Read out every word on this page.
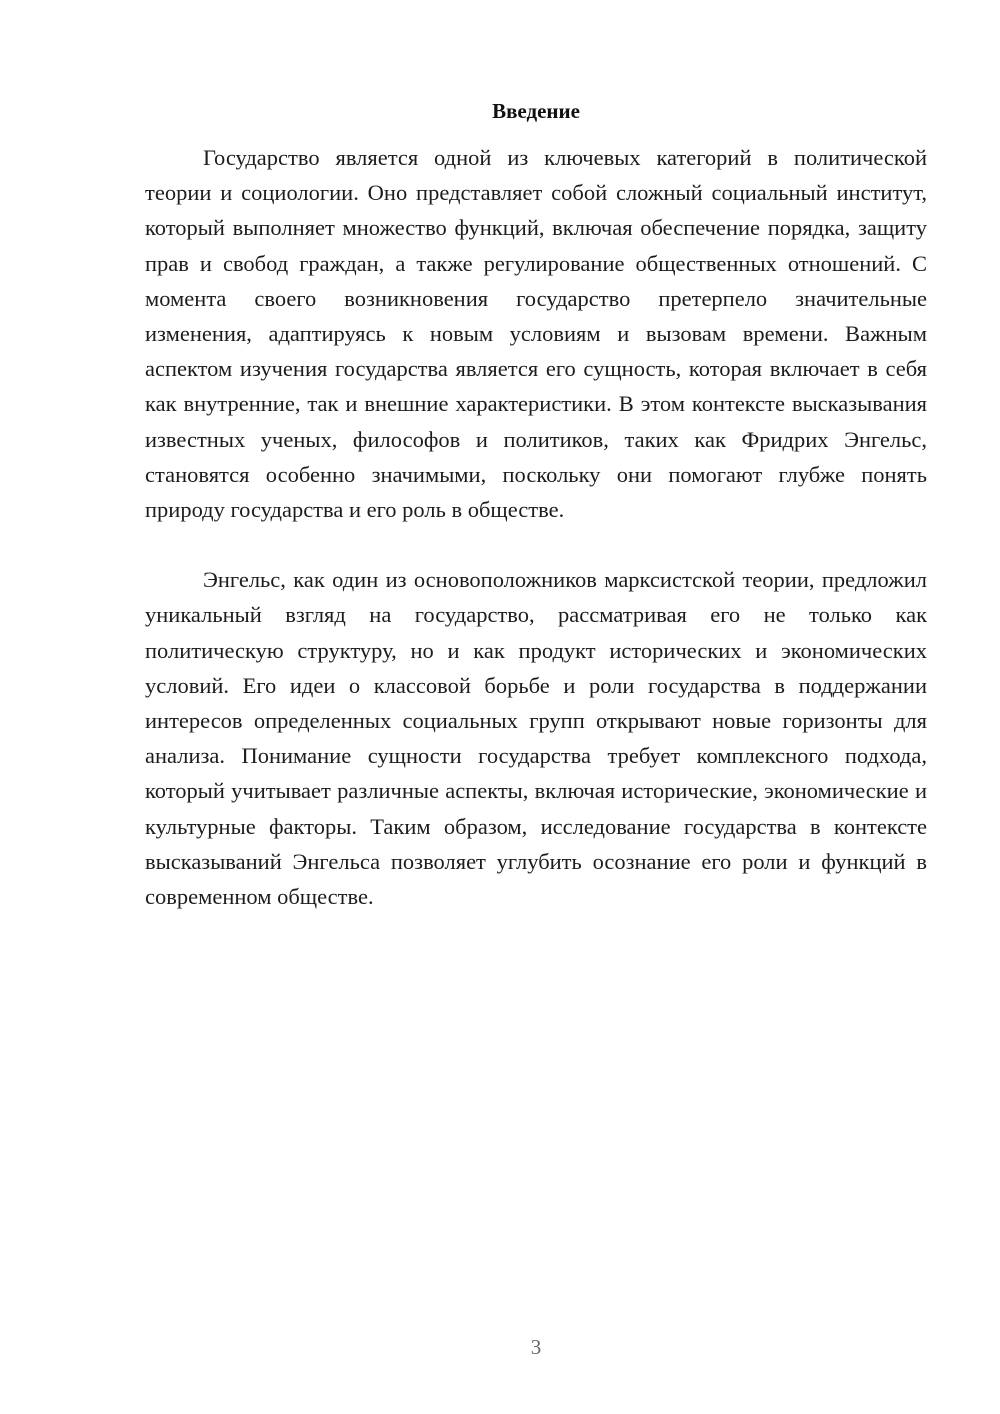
Введение

Государство является одной из ключевых категорий в политической теории и социологии. Оно представляет собой сложный социальный институт, который выполняет множество функций, включая обеспечение порядка, защиту прав и свобод граждан, а также регулирование общественных отношений. С момента своего возникновения государство претерпело значительные изменения, адаптируясь к новым условиям и вызовам времени. Важным аспектом изучения государства является его сущность, которая включает в себя как внутренние, так и внешние характеристики. В этом контексте высказывания известных ученых, философов и политиков, таких как Фридрих Энгельс, становятся особенно значимыми, поскольку они помогают глубже понять природу государства и его роль в обществе.

Энгельс, как один из основоположников марксистской теории, предложил уникальный взгляд на государство, рассматривая его не только как политическую структуру, но и как продукт исторических и экономических условий. Его идеи о классовой борьбе и роли государства в поддержании интересов определенных социальных групп открывают новые горизонты для анализа. Понимание сущности государства требует комплексного подхода, который учитывает различные аспекты, включая исторические, экономические и культурные факторы. Таким образом, исследование государства в контексте высказываний Энгельса позволяет углубить осознание его роли и функций в современном обществе.

3
